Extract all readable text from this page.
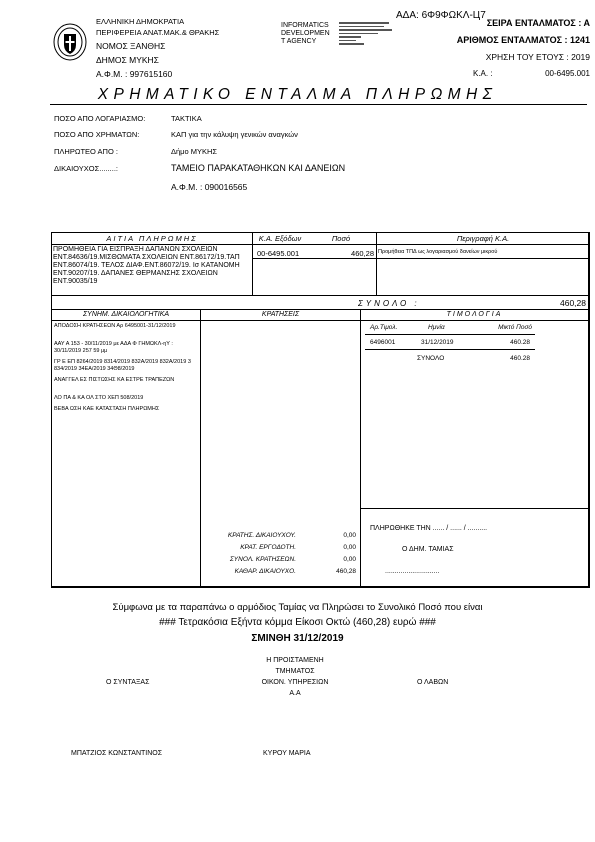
ΕΛΛΗΝΙΚΗ ΔΗΜΟΚΡΑΤΙΑ
ΠΕΡΙΦΕΡΕΙΑ ΑΝΑΤ.ΜΑΚ.& ΘΡΑΚΗΣ
ΝΟΜΟΣ ΞΑΝΘΗΣ
ΔΗΜΟΣ ΜΥΚΗΣ
Α.Φ.Μ. : 997615160
INFORMATICS
DEVELOPMEN
T AGENCY
ΑΔΑ: 6Φ9ΦΩΚΛ-Ц7
ΣΕΙΡΑ ΕΝΤΑΛΜΑΤΟΣ : Α
ΑΡΙΘΜΟΣ ΕΝΤΑΛΜΑΤΟΣ : 1241
ΧΡΗΣΗ ΤΟΥ ΕΤΟΥΣ : 2019
Κ.Α. :	00-6495.001
ΧΡΗΜΑΤΙΚΟ ΕΝΤΑΛΜΑ ΠΛΗΡΩΜΗΣ
ΠΟΣΟ ΑΠΟ ΛΟΓΑΡΙΑΣΜΟ:	ΤΑΚΤΙΚΑ
ΠΟΣΟ ΑΠΟ ΧΡΗΜΑΤΩΝ:	ΚΑΠ για την κάλυψη γενικών αναγκών
ΠΛΗΡΩΤΕΟ ΑΠΟ :	Δήμο ΜΥΚΗΣ
ΔΙΚΑΙΟΥΧΟΣ........:	ΤΑΜΕΙΟ ΠΑΡΑΚΑΤΑΘΗΚΩΝ ΚΑΙ ΔΑΝΕΙΩΝ
Α.Φ.Μ. : 090016565
ΑΙΤΙΑ ΠΛΗΡΩΜΗΣ	Κ.Α. Εξόδων	Ποσό	Περιγραφή Κ.Α.
ΠΡΟΜΗΘΕΙΑ ΓΙΑ ΕΙΣΠΡΑΞΗ ΔΑΠΑΝΩΝ ΣΧΟΛΕΙΩΝ ΕΝΤ.84636/19.ΜΙΣΘΩΜΑΤΑ ΣΧΟΛΕΙΩΝ ΕΝΤ.86172/19.ΤΑΠ ΕΝΤ.86074/19. ΤΕΛΟΣ ΔΙΑΦ.ΕΝΤ.86072/19. Ισ ΚΑΤΑΝΟΜΗ ΕΝΤ.90207/19. ΔΑΠΑΝΕΣ ΘΕΡΜΑΝΣΗΣ ΣΧΟΛΕΙΩΝ ΕΝΤ.90035/19
00-6495.001	460,28 Προμήθεια ΤΠΔ ως λογαριασμού δανείων μικρού
ΣΥΝΟΛΟ :	460,28
ΣΥΝΗΜ. ΔΙΚΑΙΟΛΟΓΗΤΙΚΑ	ΚΡΑΤΗΣΕΙΣ	ΤΙΜΟΛΟΓΙΑ
ΑΠΟΔΟΣΗ ΚΡΑΤΗΣΕΩΝ Αρ 6495001-31/12/2019
ΑΑΥ Α 153 - 30/11/2019 με ΑΔΑ Φ ΓΗΜΩΚΛ-ηΥ : 30/11/2019 257 59 μμ
ΓΡ Ε ΕΠ 8264/2019 8314/2019 832Α/2019 832Α/2019 3 834/2019 34ΕΑ/2019 34Θ8/2019
ΑΝΑΓΓΕΛ ΕΣ ΠΙΣΤΩΣΗΣ ΚΑ ΕΣΤΡΕ ΤΡΑΠΕΖΩΝ
ΛΟ ΠΑ & ΚΑ ΟΛ ΣΤΟ ΧΕΠ 508/2019
ΒΕΒΑ ΩΣΗ ΚΑΕ ΚΑΤΑΣΤΑΣΗ ΠΛΗΡΩΜΗΣ
Αρ.Τιμολ.	Ημνία	Μικτό Ποσό
6496001	31/12/2019	460.28
ΣΥΝΟΛΟ	460.28
ΚΡΑΤΗΣ. ΔΙΚΑΙΟΥΧΟΥ.	0,00
ΚΡΑΤ. ΕΡΓΟΔΟΤΗ.	0,00
ΣΥΝΟΛ. ΚΡΑΤΗΣΕΩΝ.	0,00
ΚΑΘΑΡ. ΔΙΚΑΙΟΥΧΟ.	460,28
ΠΛΗΡΩΘΗΚΕ ΤΗΝ ...... / ...... / ..........
Ο ΔΗΜ. ΤΑΜΙΑΣ
............................
Σύμφωνα με τα παραπάνω ο αρμόδιος Ταμίας να Πληρώσει το Συνολικό Ποσό που είναι
### Τετρακόσια Εξήντα κόμμα Είκοσι Οκτώ (460,28) ευρώ ###
ΣΜΙΝΘΗ 31/12/2019
Η ΠΡΟΙΣΤΑΜΕΝΗ
ΤΜΗΜΑΤΟΣ
ΟΙΚΟΝ. ΥΠΗΡΕΣΙΩΝ
Α.Α
Ο ΣΥΝΤΑΞΑΣ	Ο ΛΑΒΩΝ
ΜΠΑΤΖΙΟΣ ΚΩΝΣΤΑΝΤΙΝΟΣ	ΚΥΡΟΥ ΜΑΡΙΑ
